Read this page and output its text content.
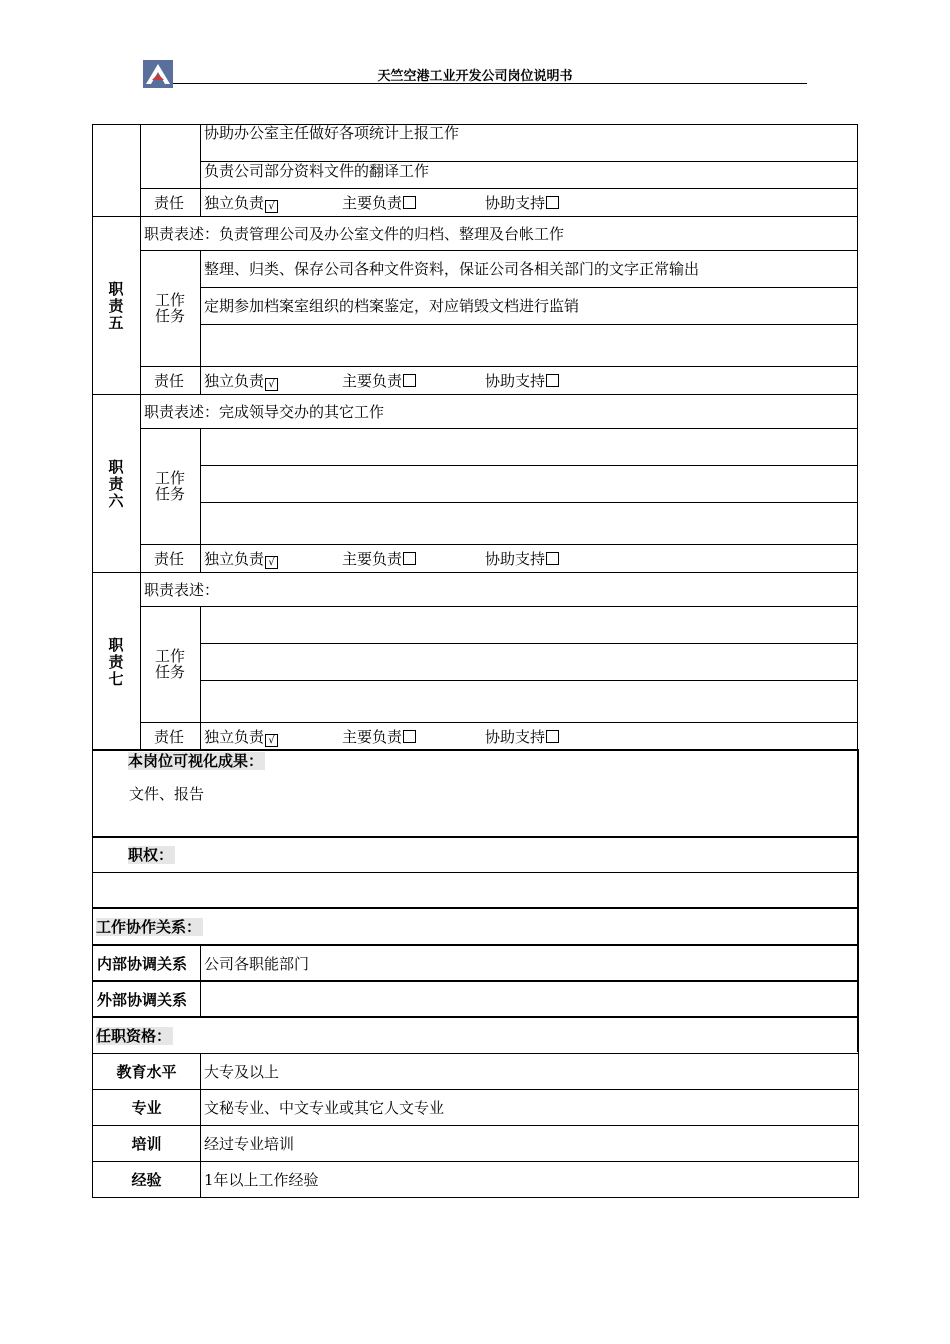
天竺空港工业开发公司岗位说明书
协助办公室主任做好各项统计上报工作
负责公司部分资料文件的翻译工作
责任 独立负责 √	主要负责	协助支持
职
责
五
职责表述：负责管理公司及办公室文件的归档、整理及台帐工作
工作
任务
整理、归类、保存公司各种文件资料，保证公司各相关部门的文字正常输出
定期参加档案室组织的档案鉴定，对应销毁文档进行监销
责任 独立负责 √	主要负责	协助支持
职
责
六
职责表述：完成领导交办的其它工作
工作
任务
责任 独立负责 √	主要负责	协助支持
职
责
七
职责表述：
工作
任务
责任 独立负责 √	主要负责	协助支持
本岗位可视化成果：
文件、报告
职权：
工作协作关系：
内部协调关系 公司各职能部门
外部协调关系
任职资格：
教育水平	大专及以上
专业	文秘专业、中文专业或其它人文专业
培训	经过专业培训
经验	1年以上工作经验
